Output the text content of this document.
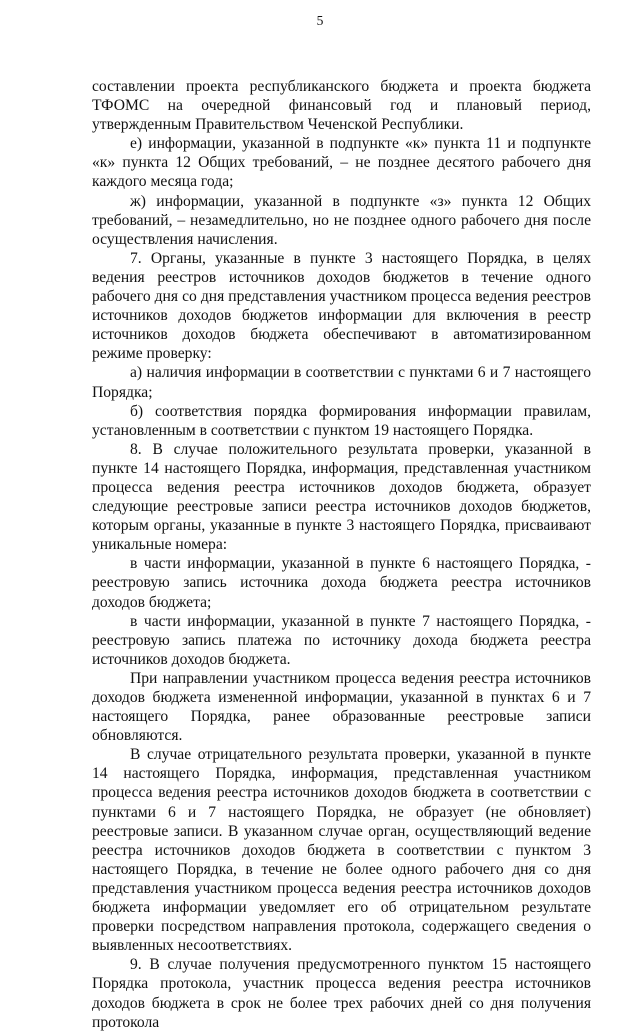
5

составлении проекта республиканского бюджета и проекта бюджета ТФОМС на очередной финансовый год и плановый период, утвержденным Правительством Чеченской Республики.

е) информации, указанной в подпункте «к» пункта 11 и подпункте «к» пункта 12 Общих требований, – не позднее десятого рабочего дня каждого месяца года;

ж) информации, указанной в подпункте «з» пункта 12 Общих требований, – незамедлительно, но не позднее одного рабочего дня после осуществления начисления.

7. Органы, указанные в пункте 3 настоящего Порядка, в целях ведения реестров источников доходов бюджетов в течение одного рабочего дня со дня представления участником процесса ведения реестров источников доходов бюджетов информации для включения в реестр источников доходов бюджета обеспечивают в автоматизированном режиме проверку:

а) наличия информации в соответствии с пунктами 6 и 7 настоящего Порядка;

б) соответствия порядка формирования информации правилам, установленным в соответствии с пунктом 19 настоящего Порядка.

8. В случае положительного результата проверки, указанной в пункте 14 настоящего Порядка, информация, представленная участником процесса ведения реестра источников доходов бюджета, образует следующие реестровые записи реестра источников доходов бюджетов, которым органы, указанные в пункте 3 настоящего Порядка, присваивают уникальные номера:

в части информации, указанной в пункте 6 настоящего Порядка, - реестровую запись источника дохода бюджета реестра источников доходов бюджета;

в части информации, указанной в пункте 7 настоящего Порядка, - реестровую запись платежа по источнику дохода бюджета реестра источников доходов бюджета.

При направлении участником процесса ведения реестра источников доходов бюджета измененной информации, указанной в пунктах 6 и 7 настоящего Порядка, ранее образованные реестровые записи обновляются.

В случае отрицательного результата проверки, указанной в пункте 14 настоящего Порядка, информация, представленная участником процесса ведения реестра источников доходов бюджета в соответствии с пунктами 6 и 7 настоящего Порядка, не образует (не обновляет) реестровые записи. В указанном случае орган, осуществляющий ведение реестра источников доходов бюджета в соответствии с пунктом 3 настоящего Порядка, в течение не более одного рабочего дня со дня представления участником процесса ведения реестра источников доходов бюджета информации уведомляет его об отрицательном результате проверки посредством направления протокола, содержащего сведения о выявленных несоответствиях.

9. В случае получения предусмотренного пунктом 15 настоящего Порядка протокола, участник процесса ведения реестра источников доходов бюджета в срок не более трех рабочих дней со дня получения протокола
